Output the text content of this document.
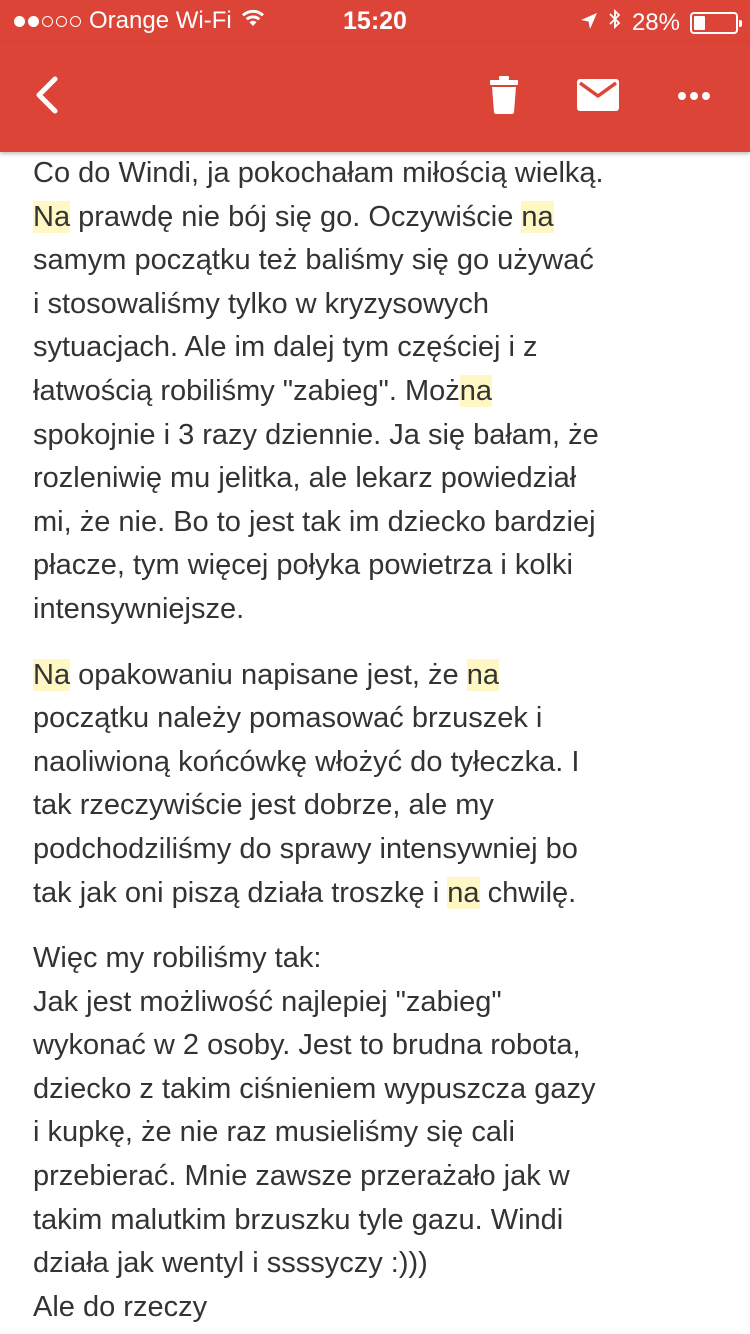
Orange Wi-Fi	15:20	28%
Co do Windi, ja pokochałam miłością wielką.
Na prawdę nie bój się go. Oczywiście na
samym początku też baliśmy się go używać
i stosowaliśmy tylko w kryzysowych
sytuacjach. Ale im dalej tym częściej i z
łatwością robiliśmy "zabieg". Można
spokojnie i 3 razy dziennie. Ja się bałam, że
rozleniwię mu jelitka, ale lekarz powiedział
mi, że nie. Bo to jest tak im dziecko bardziej
płacze, tym więcej połyka powietrza i kolki
intensywniejsze.
Na opakowaniu napisane jest, że na
początku należy pomasować brzuszek i
naoliwioną końcówkę włożyć do tyłeczka. I
tak rzeczywiście jest dobrze, ale my
podchodziliśmy do sprawy intensywniej bo
tak jak oni piszą działa troszkę i na chwilę.
Więc my robiliśmy tak:
Jak jest możliwość najlepiej "zabieg"
wykonać w 2 osoby. Jest to brudna robota,
dziecko z takim ciśnieniem wypuszcza gazy
i kupkę, że nie raz musieliśmy się cali
przebierać. Mnie zawsze przerażało jak w
takim malutkim brzuszku tyle gazu. Windi
działa jak wentyl i ssssyczy :)))
Ale do rzeczy
